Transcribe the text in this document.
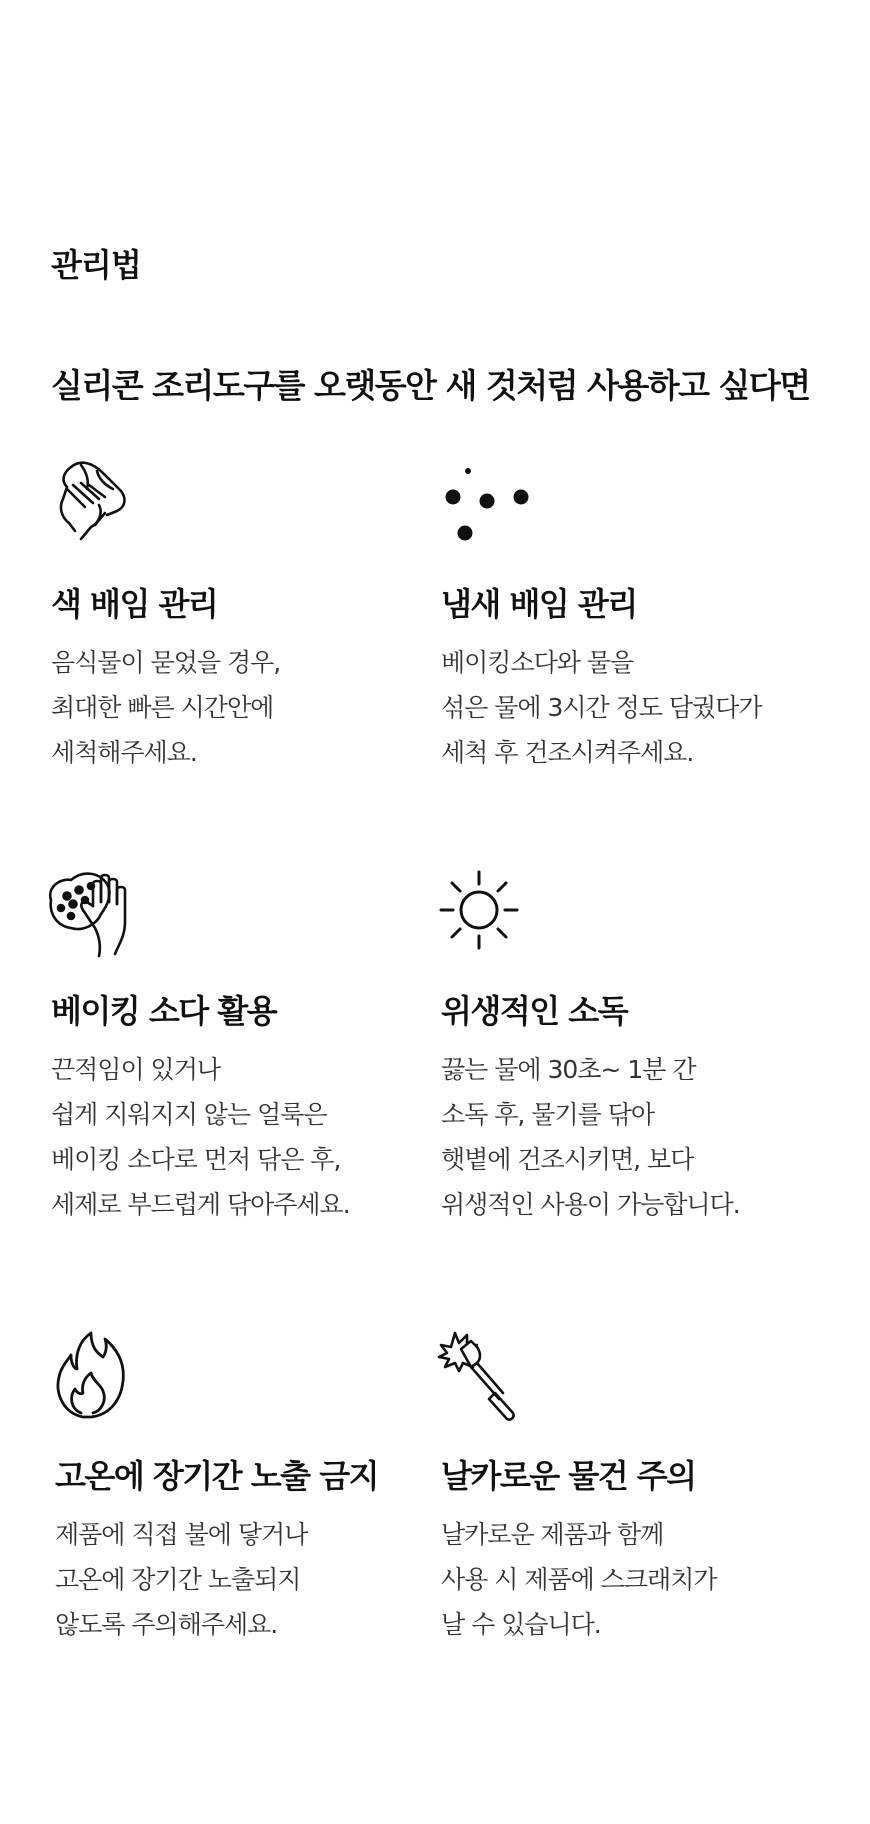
관리법
실리콘 조리도구를 오랫동안 새 것처럼 사용하고 싶다면
색 배임 관리
음식물이 묻었을 경우,
최대한 빠른 시간안에
세척해주세요.
냄새 배임 관리
베이킹소다와 물을
섞은 물에 3시간 정도 담궜다가
세척 후 건조시켜주세요.
베이킹 소다 활용
끈적임이 있거나
쉽게 지워지지 않는 얼룩은
베이킹 소다로 먼저 닦은 후,
세제로 부드럽게 닦아주세요.
위생적인 소독
끓는 물에 30초~ 1분 간
소독 후, 물기를 닦아
햇볕에 건조시키면, 보다
위생적인 사용이 가능합니다.
고온에 장기간 노출 금지
제품에 직접 불에 닿거나
고온에 장기간 노출되지
않도록 주의해주세요.
날카로운 물건 주의
날카로운 제품과 함께
사용 시 제품에 스크래치가
날 수 있습니다.
